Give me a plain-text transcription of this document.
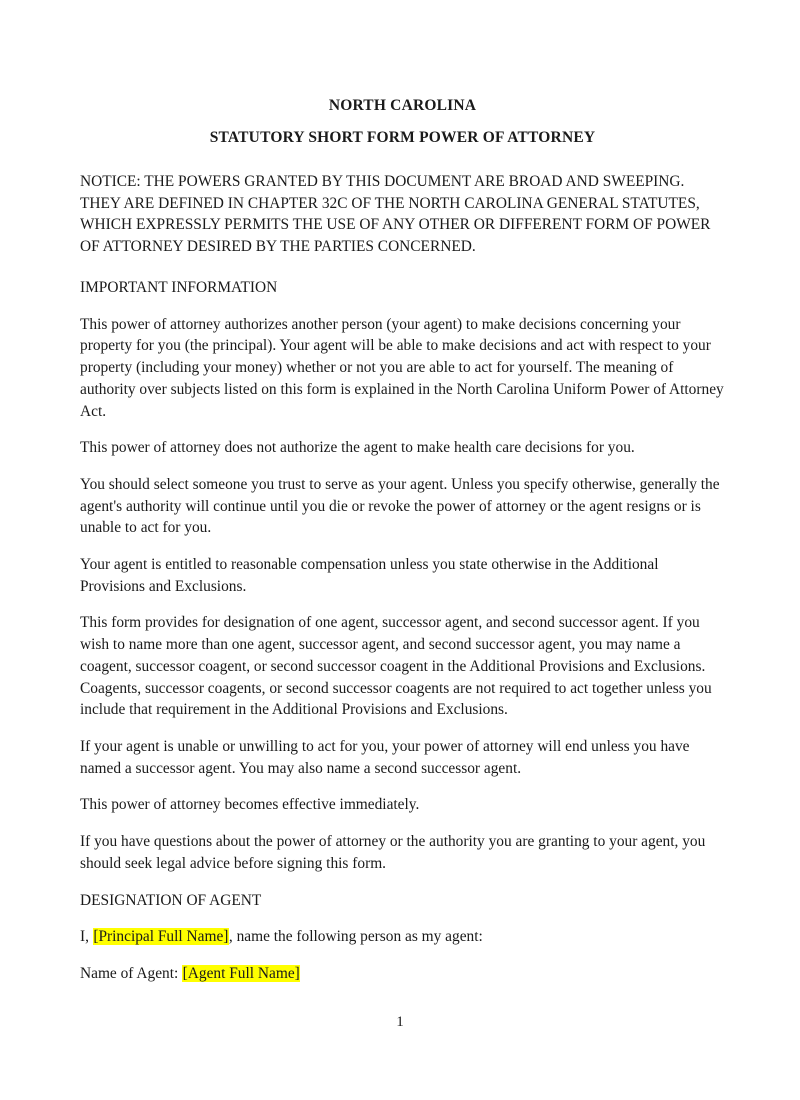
NORTH CAROLINA
STATUTORY SHORT FORM POWER OF ATTORNEY

NOTICE: THE POWERS GRANTED BY THIS DOCUMENT ARE BROAD AND SWEEPING. THEY ARE DEFINED IN CHAPTER 32C OF THE NORTH CAROLINA GENERAL STATUTES, WHICH EXPRESSLY PERMITS THE USE OF ANY OTHER OR DIFFERENT FORM OF POWER OF ATTORNEY DESIRED BY THE PARTIES CONCERNED.

IMPORTANT INFORMATION

This power of attorney authorizes another person (your agent) to make decisions concerning your property for you (the principal). Your agent will be able to make decisions and act with respect to your property (including your money) whether or not you are able to act for yourself. The meaning of authority over subjects listed on this form is explained in the North Carolina Uniform Power of Attorney Act.

This power of attorney does not authorize the agent to make health care decisions for you.

You should select someone you trust to serve as your agent. Unless you specify otherwise, generally the agent's authority will continue until you die or revoke the power of attorney or the agent resigns or is unable to act for you.

Your agent is entitled to reasonable compensation unless you state otherwise in the Additional Provisions and Exclusions.

This form provides for designation of one agent, successor agent, and second successor agent. If you wish to name more than one agent, successor agent, and second successor agent, you may name a coagent, successor coagent, or second successor coagent in the Additional Provisions and Exclusions. Coagents, successor coagents, or second successor coagents are not required to act together unless you include that requirement in the Additional Provisions and Exclusions.

If your agent is unable or unwilling to act for you, your power of attorney will end unless you have named a successor agent. You may also name a second successor agent.

This power of attorney becomes effective immediately.

If you have questions about the power of attorney or the authority you are granting to your agent, you should seek legal advice before signing this form.

DESIGNATION OF AGENT

I, [Principal Full Name], name the following person as my agent:

Name of Agent: [Agent Full Name]

1
